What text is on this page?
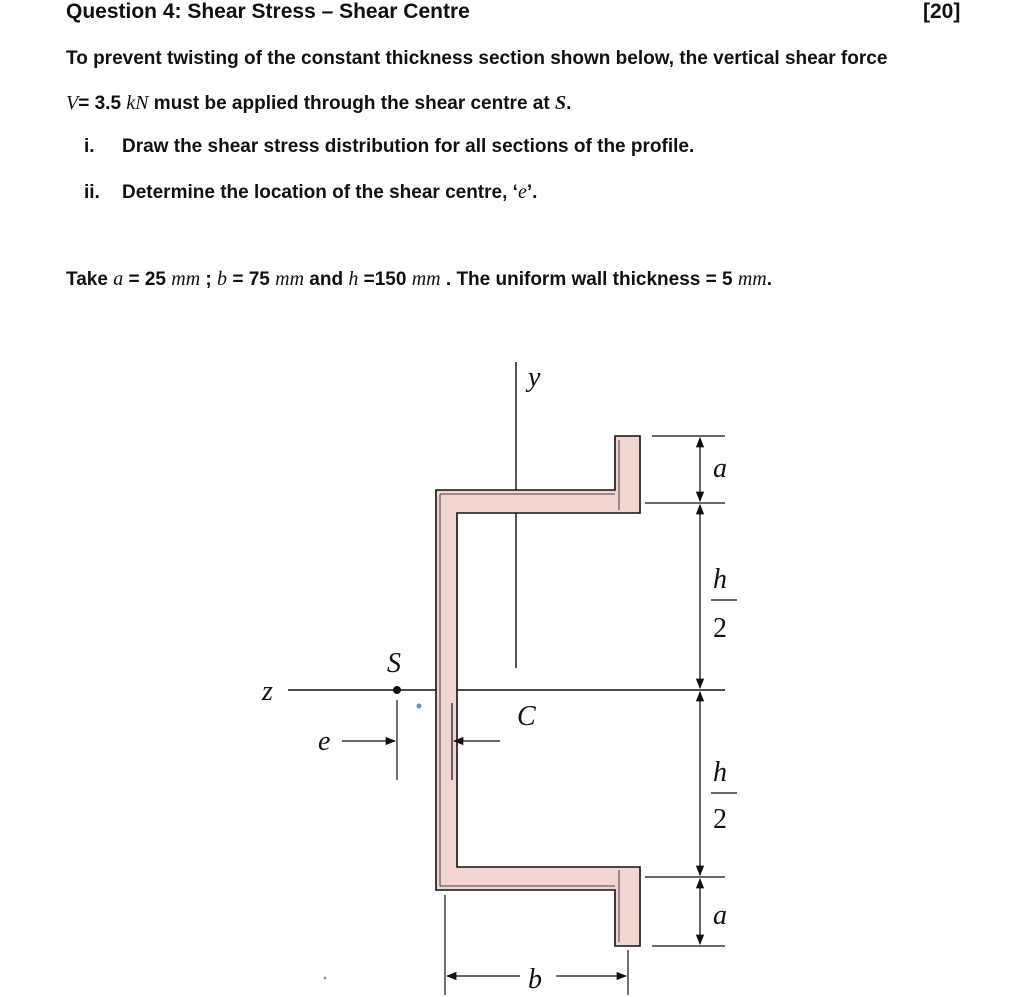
Question 4: Shear Stress – Shear Centre	[20]
To prevent twisting of the constant thickness section shown below, the vertical shear force
V= 3.5 kN must be applied through the shear centre at S.
i. Draw the shear stress distribution for all sections of the profile.
ii. Determine the location of the shear centre, ‘e’.
Take a = 25 mm ; b = 75 mm and h =150 mm . The uniform wall thickness = 5 mm.
y
z
S
C
e
b
a
h
2
h
2
a
